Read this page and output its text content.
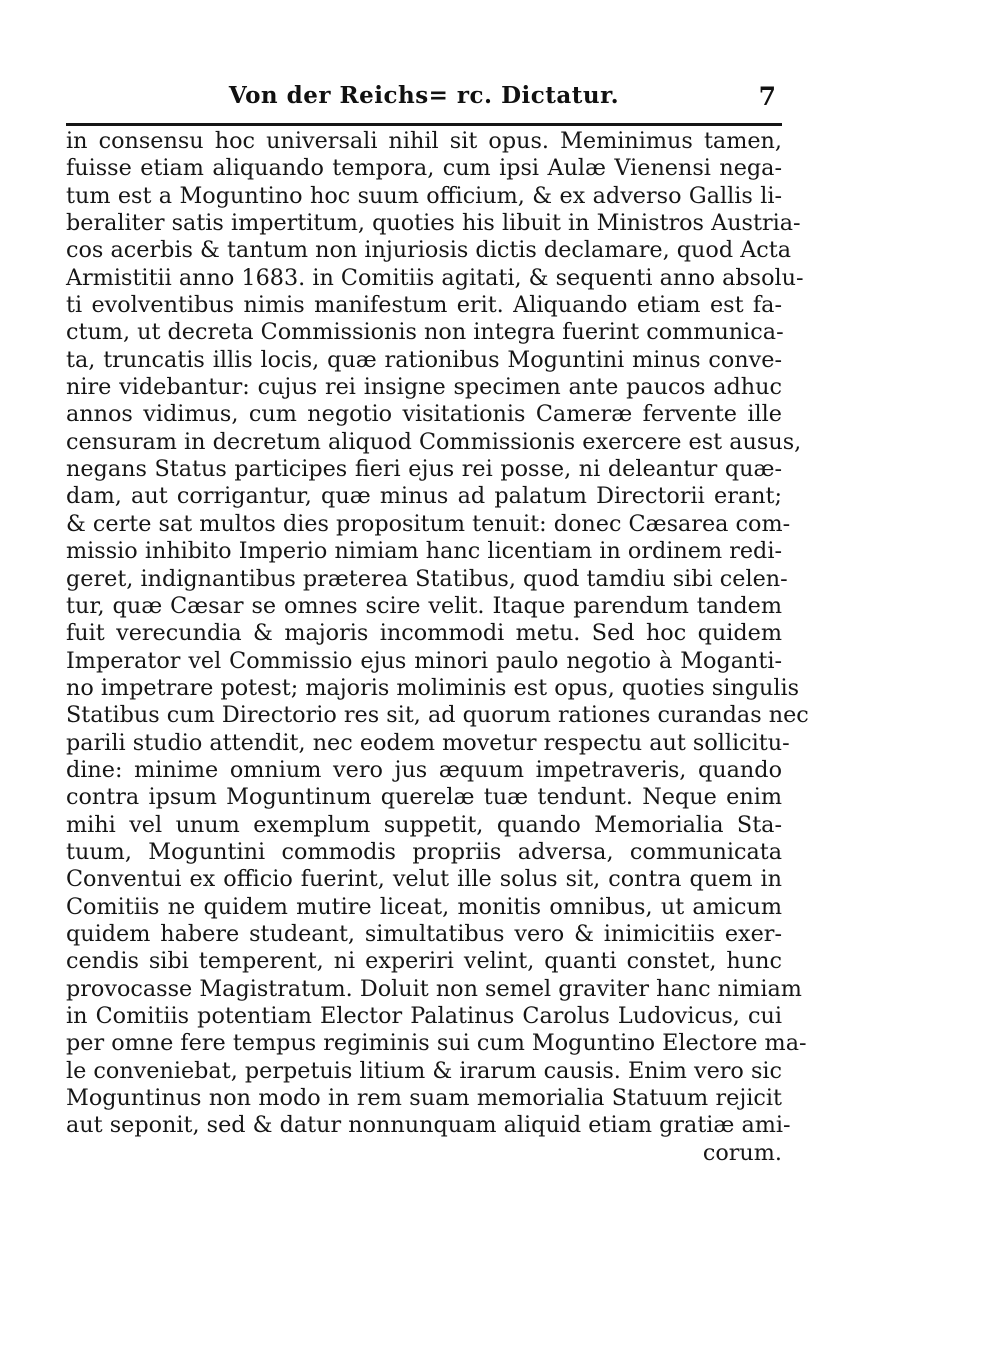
Von der Reichs= rc. Dictatur.	7
in consensu hoc universali nihil sit opus. Meminimus tamen,
fuisse etiam aliquando tempora, cum ipsi Aulæ Vienensi nega-
tum est a Moguntino hoc suum officium, & ex adverso Gallis li-
beraliter satis impertitum, quoties his libuit in Ministros Austria-
cos acerbis & tantum non injuriosis dictis declamare, quod Acta
Armistitii anno 1683. in Comitiis agitati, & sequenti anno absolu-
ti evolventibus nimis manifestum erit. Aliquando etiam est fa-
ctum, ut decreta Commissionis non integra fuerint communica-
ta, truncatis illis locis, quæ rationibus Moguntini minus conve-
nire videbantur: cujus rei insigne specimen ante paucos adhuc
annos vidimus, cum negotio visitationis Cameræ fervente ille
censuram in decretum aliquod Commissionis exercere est ausus,
negans Status participes fieri ejus rei posse, ni deleantur quæ-
dam, aut corrigantur, quæ minus ad palatum Directorii erant;
& certe sat multos dies propositum tenuit: donec Cæsarea com-
missio inhibito Imperio nimiam hanc licentiam in ordinem redi-
geret, indignantibus præterea Statibus, quod tamdiu sibi celen-
tur, quæ Cæsar se omnes scire velit. Itaque parendum tandem
fuit verecundia & majoris incommodi metu. Sed hoc quidem
Imperator vel Commissio ejus minori paulo negotio à Moganti-
no impetrare potest; majoris moliminis est opus, quoties singulis
Statibus cum Directorio res sit, ad quorum rationes curandas nec
parili studio attendit, nec eodem movetur respectu aut sollicitu-
dine: minime omnium vero jus æquum impetraveris, quando
contra ipsum Moguntinum querelæ tuæ tendunt. Neque enim
mihi vel unum exemplum suppetit, quando Memorialia Sta-
tuum, Moguntini commodis propriis adversa, communicata
Conventui ex officio fuerint, velut ille solus sit, contra quem in
Comitiis ne quidem mutire liceat, monitis omnibus, ut amicum
quidem habere studeant, simultatibus vero & inimicitiis exer-
cendis sibi temperent, ni experiri velint, quanti constet, hunc
provocasse Magistratum. Doluit non semel graviter hanc nimiam
in Comitiis potentiam Elector Palatinus Carolus Ludovicus, cui
per omne fere tempus regiminis sui cum Moguntino Electore ma-
le conveniebat, perpetuis litium & irarum causis. Enim vero sic
Moguntinus non modo in rem suam memorialia Statuum rejicit
aut seponit, sed & datur nonnunquam aliquid etiam gratiæ ami-
corum.
